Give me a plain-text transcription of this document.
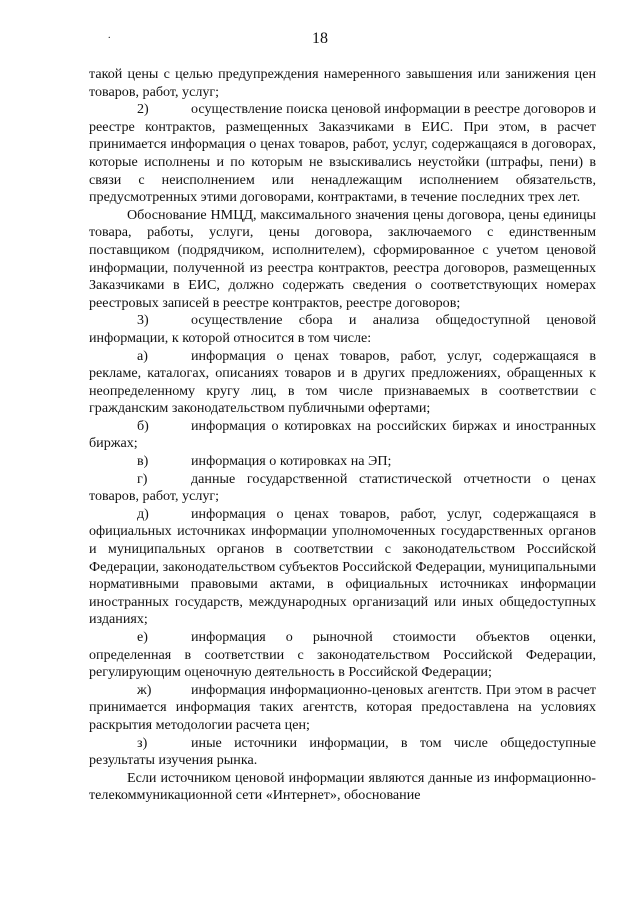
.	18

такой цены с целью предупреждения намеренного завышения или занижения цен товаров, работ, услуг;

2)	осуществление поиска ценовой информации в реестре договоров и реестре контрактов, размещенных Заказчиками в ЕИС. При этом, в расчет принимается информация о ценах товаров, работ, услуг, содержащаяся в договорах, которые исполнены и по которым не взыскивались неустойки (штрафы, пени) в связи с неисполнением или ненадлежащим исполнением обязательств, предусмотренных этими договорами, контрактами, в течение последних трех лет.

Обоснование НМЦД, максимального значения цены договора, цены единицы товара, работы, услуги, цены договора, заключаемого с единственным поставщиком (подрядчиком, исполнителем), сформированное с учетом ценовой информации, полученной из реестра контрактов, реестра договоров, размещенных Заказчиками в ЕИС, должно содержать сведения о соответствующих номерах реестровых записей в реестре контрактов, реестре договоров;

3)	осуществление сбора и анализа общедоступной ценовой информации, к которой относится в том числе:

а)	информация о ценах товаров, работ, услуг, содержащаяся в рекламе, каталогах, описаниях товаров и в других предложениях, обращенных к неопределенному кругу лиц, в том числе признаваемых в соответствии с гражданским законодательством публичными офертами;

б)	информация о котировках на российских биржах и иностранных биржах;

в)	информация о котировках на ЭП;

г)	данные государственной статистической отчетности о ценах товаров, работ, услуг;

д)	информация о ценах товаров, работ, услуг, содержащаяся в официальных источниках информации уполномоченных государственных органов и муниципальных органов в соответствии с законодательством Российской Федерации, законодательством субъектов Российской Федерации, муниципальными нормативными правовыми актами, в официальных источниках информации иностранных государств, международных организаций или иных общедоступных изданиях;

е)	информация о рыночной стоимости объектов оценки, определенная в соответствии с законодательством Российской Федерации, регулирующим оценочную деятельность в Российской Федерации;

ж)	информация информационно-ценовых агентств. При этом в расчет принимается информация таких агентств, которая предоставлена на условиях раскрытия методологии расчета цен;

з)	иные источники информации, в том числе общедоступные результаты изучения рынка.

Если источником ценовой информации являются данные из информационно-телекоммуникационной сети «Интернет», обоснование
